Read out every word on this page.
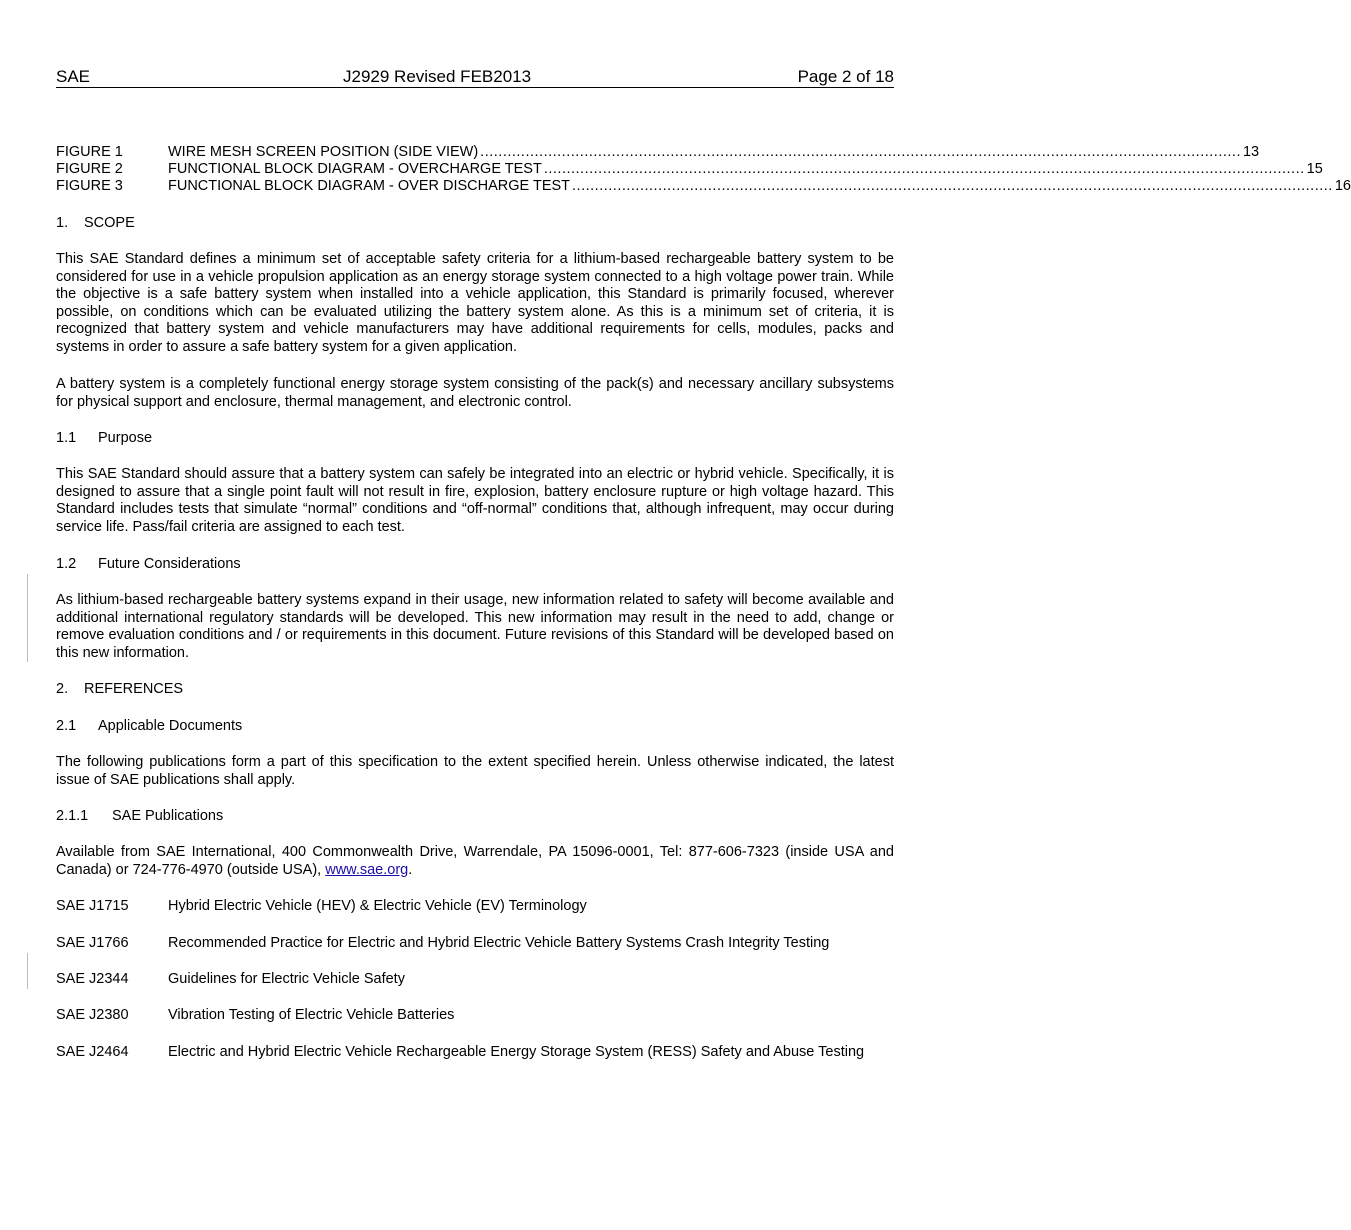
SAE	J2929 Revised FEB2013	Page 2 of 18
FIGURE 1	WIRE MESH SCREEN POSITION (SIDE VIEW) ........................................................................................................................................................................ 13
FIGURE 2	FUNCTIONAL BLOCK DIAGRAM - OVERCHARGE TEST ........................................................................................................................................................................ 15
FIGURE 3	FUNCTIONAL BLOCK DIAGRAM - OVER DISCHARGE TEST ........................................................................................................................................................................ 16
1. SCOPE

This SAE Standard defines a minimum set of acceptable safety criteria for a lithium-based rechargeable battery system to be considered for use in a vehicle propulsion application as an energy storage system connected to a high voltage power train. While the objective is a safe battery system when installed into a vehicle application, this Standard is primarily focused, wherever possible, on conditions which can be evaluated utilizing the battery system alone. As this is a minimum set of criteria, it is recognized that battery system and vehicle manufacturers may have additional requirements for cells, modules, packs and systems in order to assure a safe battery system for a given application.

A battery system is a completely functional energy storage system consisting of the pack(s) and necessary ancillary subsystems for physical support and enclosure, thermal management, and electronic control.

1.1 Purpose

This SAE Standard should assure that a battery system can safely be integrated into an electric or hybrid vehicle. Specifically, it is designed to assure that a single point fault will not result in fire, explosion, battery enclosure rupture or high voltage hazard. This Standard includes tests that simulate “normal” conditions and “off-normal” conditions that, although infrequent, may occur during service life. Pass/fail criteria are assigned to each test.

1.2 Future Considerations

As lithium-based rechargeable battery systems expand in their usage, new information related to safety will become available and additional international regulatory standards will be developed. This new information may result in the need to add, change or remove evaluation conditions and / or requirements in this document. Future revisions of this Standard will be developed based on this new information.

2. REFERENCES
2.1 Applicable Documents

The following publications form a part of this specification to the extent specified herein. Unless otherwise indicated, the latest issue of SAE publications shall apply.

2.1.1 SAE Publications

Available from SAE International, 400 Commonwealth Drive, Warrendale, PA 15096-0001, Tel: 877-606-7323 (inside USA and Canada) or 724-776-4970 (outside USA), www.sae.org.

SAE J1715	Hybrid Electric Vehicle (HEV) & Electric Vehicle (EV) Terminology
SAE J1766	Recommended Practice for Electric and Hybrid Electric Vehicle Battery Systems Crash Integrity Testing
SAE J2344	Guidelines for Electric Vehicle Safety
SAE J2380	Vibration Testing of Electric Vehicle Batteries
SAE J2464	Electric and Hybrid Electric Vehicle Rechargeable Energy Storage System (RESS) Safety and Abuse Testing
